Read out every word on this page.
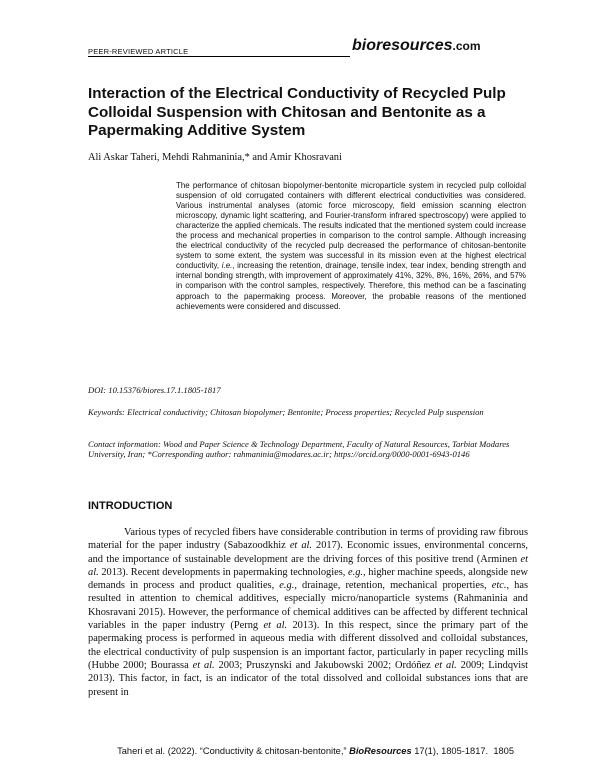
PEER-REVIEWED ARTICLE	bioresources.com
Interaction of the Electrical Conductivity of Recycled Pulp Colloidal Suspension with Chitosan and Bentonite as a Papermaking Additive System
Ali Askar Taheri, Mehdi Rahmaninia,* and Amir Khosravani
The performance of chitosan biopolymer-bentonite microparticle system in recycled pulp colloidal suspension of old corrugated containers with different electrical conductivities was considered. Various instrumental analyses (atomic force microscopy, field emission scanning electron microscopy, dynamic light scattering, and Fourier-transform infrared spectroscopy) were applied to characterize the applied chemicals. The results indicated that the mentioned system could increase the process and mechanical properties in comparison to the control sample. Although increasing the electrical conductivity of the recycled pulp decreased the performance of chitosan-bentonite system to some extent, the system was successful in its mission even at the highest electrical conductivity, i.e., increasing the retention, drainage, tensile index, tear index, bending strength and internal bonding strength, with improvement of approximately 41%, 32%, 8%, 16%, 26%, and 57% in comparison with the control samples, respectively. Therefore, this method can be a fascinating approach to the papermaking process. Moreover, the probable reasons of the mentioned achievements were considered and discussed.
DOI: 10.15376/biores.17.1.1805-1817
Keywords: Electrical conductivity; Chitosan biopolymer; Bentonite; Process properties; Recycled Pulp suspension
Contact information: Wood and Paper Science & Technology Department, Faculty of Natural Resources, Tarbiat Modares University, Iran; *Corresponding author: rahmaninia@modares.ac.ir; https://orcid.org/0000-0001-6943-0146
INTRODUCTION

Various types of recycled fibers have considerable contribution in terms of providing raw fibrous material for the paper industry (Sabazoodkhiz et al. 2017). Economic issues, environmental concerns, and the importance of sustainable development are the driving forces of this positive trend (Arminen et al. 2013). Recent developments in papermaking technologies, e.g., higher machine speeds, alongside new demands in process and product qualities, e.g., drainage, retention, mechanical properties, etc., has resulted in attention to chemical additives, especially micro/nanoparticle systems (Rahmaninia and Khosravani 2015). However, the performance of chemical additives can be affected by different technical variables in the paper industry (Perng et al. 2013). In this respect, since the primary part of the papermaking process is performed in aqueous media with different dissolved and colloidal substances, the electrical conductivity of pulp suspension is an important factor, particularly in paper recycling mills (Hubbe 2000; Bourassa et al. 2003; Pruszynski and Jakubowski 2002; Ordóñez et al. 2009; Lindqvist 2013). This factor, in fact, is an indicator of the total dissolved and colloidal substances ions that are present in

Taheri et al. (2022). “Conductivity & chitosan-bentonite,” BioResources 17(1), 1805-1817. 1805
